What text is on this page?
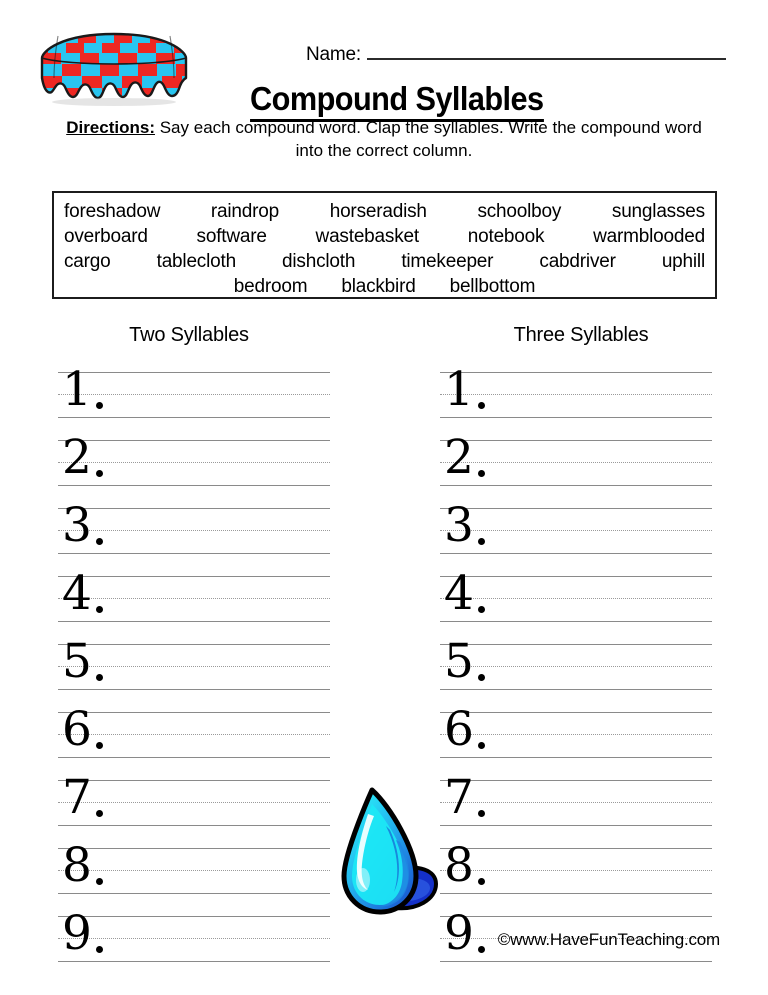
Name:
Compound Syllables
Directions: Say each compound word. Clap the syllables. Write the compound word into the correct column.
foreshadow	raindrop	horseradish	schoolboy	sunglasses
overboard	software	wastebasket	notebook	warmblooded
cargo tablecloth dishcloth timekeeper cabdriver uphill
bedroom blackbird bellbottom
Two Syllables	Three Syllables
1
2
3
4
5
6
7
8
9
1
2
3
4
5
6
7
8
9	©www.HaveFunTeaching.com
